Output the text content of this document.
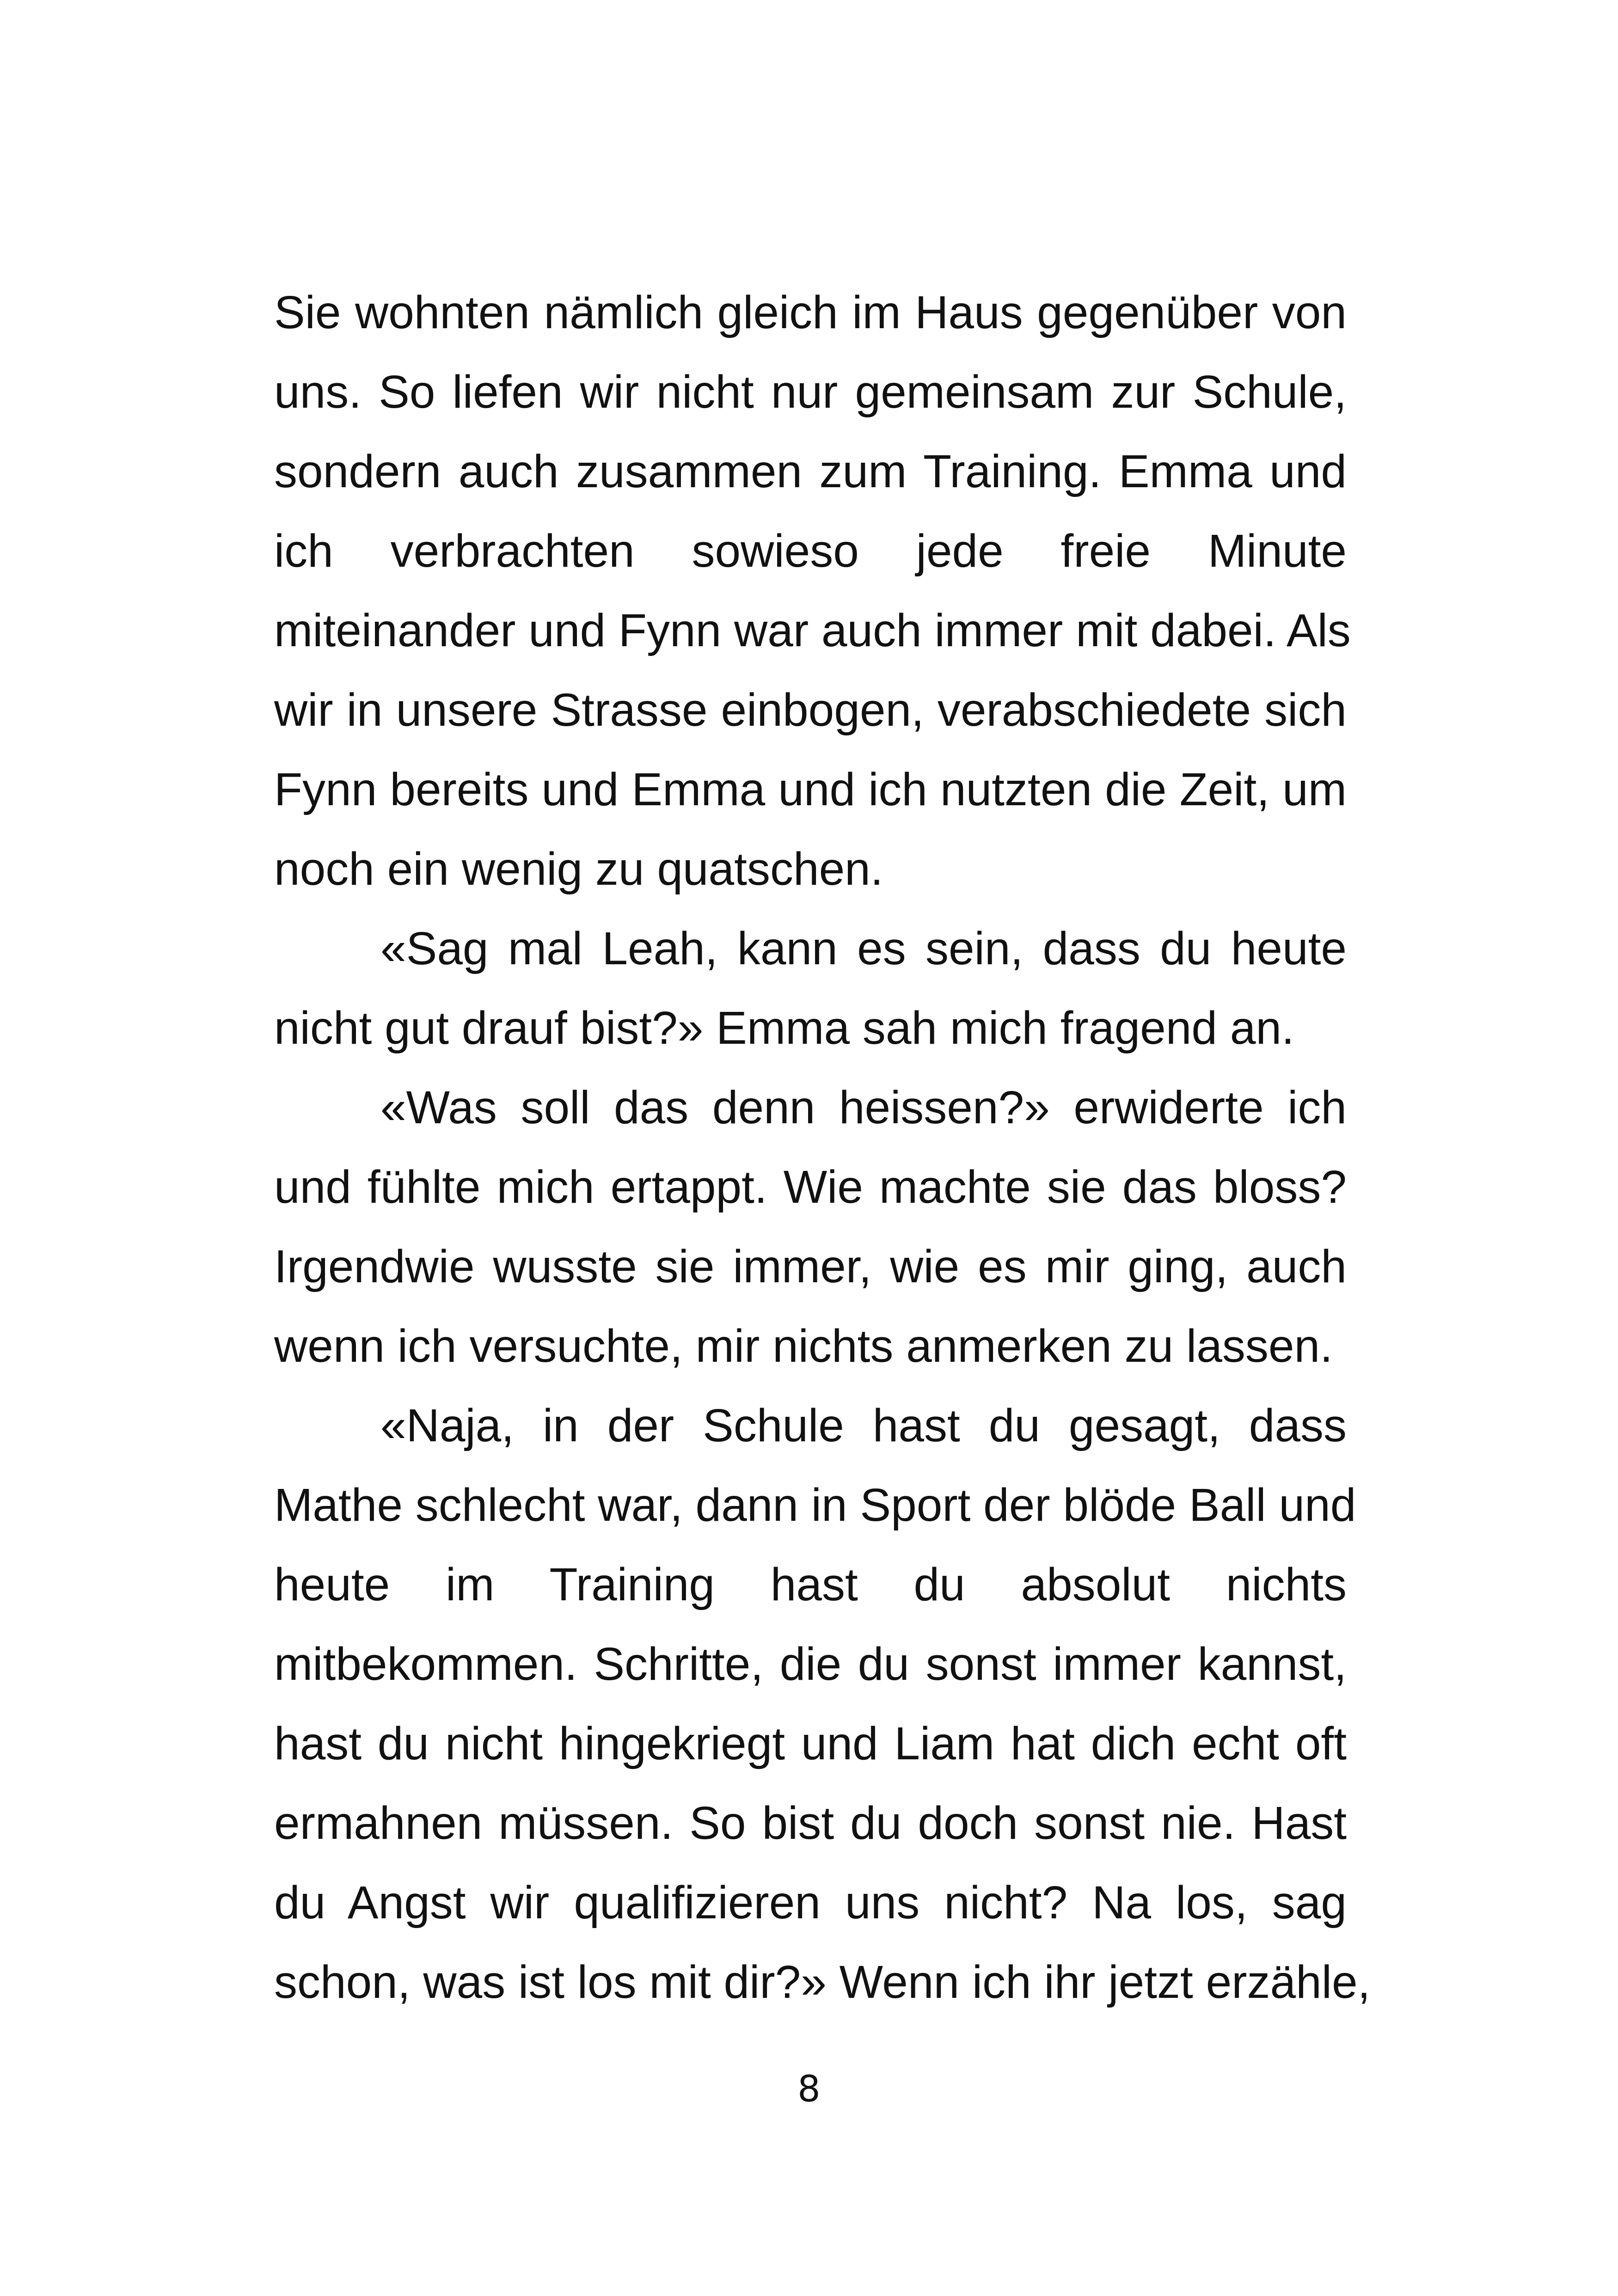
Sie wohnten nämlich gleich im Haus gegenüber von
uns. So liefen wir nicht nur gemeinsam zur Schule,
sondern auch zusammen zum Training. Emma und
ich verbrachten sowieso jede freie Minute
miteinander und Fynn war auch immer mit dabei. Als
wir in unsere Strasse einbogen, verabschiedete sich
Fynn bereits und Emma und ich nutzten die Zeit, um
noch ein wenig zu quatschen.
«Sag mal Leah, kann es sein, dass du heute
nicht gut drauf bist?» Emma sah mich fragend an.
«Was soll das denn heissen?» erwiderte ich
und fühlte mich ertappt. Wie machte sie das bloss?
Irgendwie wusste sie immer, wie es mir ging, auch
wenn ich versuchte, mir nichts anmerken zu lassen.
«Naja, in der Schule hast du gesagt, dass
Mathe schlecht war, dann in Sport der blöde Ball und
heute im Training hast du absolut nichts
mitbekommen. Schritte, die du sonst immer kannst,
hast du nicht hingekriegt und Liam hat dich echt oft
ermahnen müssen. So bist du doch sonst nie. Hast
du Angst wir qualifizieren uns nicht? Na los, sag
schon, was ist los mit dir?» Wenn ich ihr jetzt erzähle,
8
